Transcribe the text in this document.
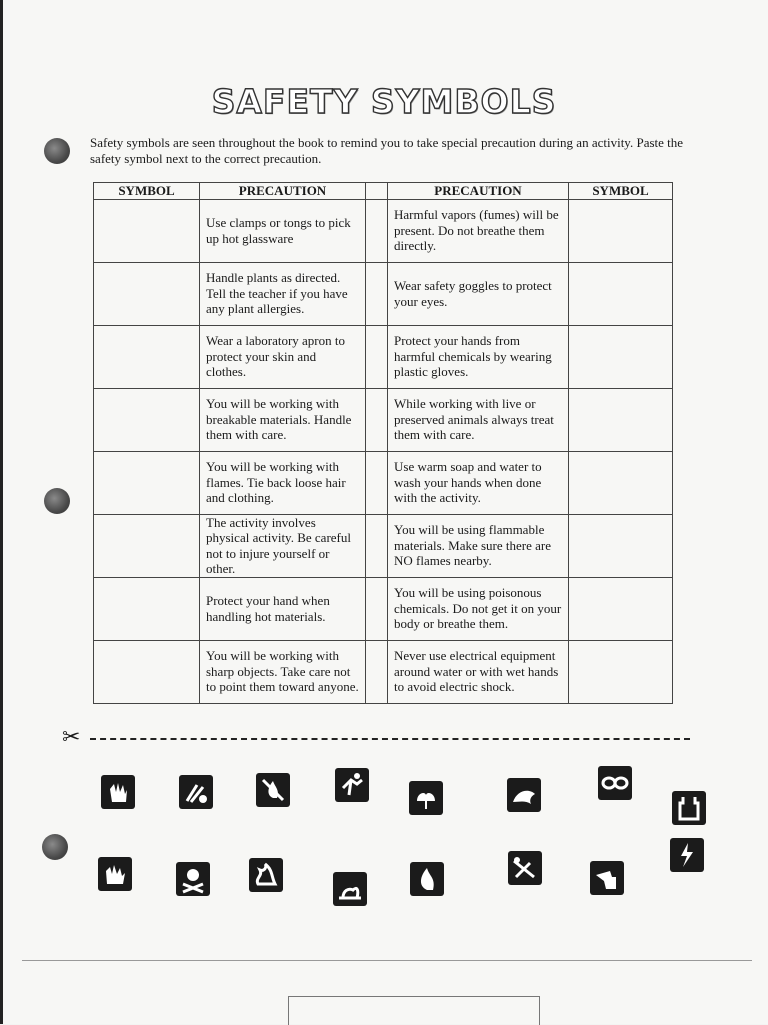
SAFETY SYMBOLS
Safety symbols are seen throughout the book to remind you to take special precaution during an activity. Paste the safety symbol next to the correct precaution.
SYMBOL	PRECAUTION		PRECAUTION	SYMBOL
	Use clamps or tongs to pick up hot glassware		Harmful vapors (fumes) will be present. Do not breathe them directly.	
	Handle plants as directed. Tell the teacher if you have any plant allergies.		Wear safety goggles to protect your eyes.	
	Wear a laboratory apron to protect your skin and clothes.		Protect your hands from harmful chemicals by wearing plastic gloves.	
	You will be working with breakable materials. Handle them with care.		While working with live or preserved animals always treat them with care.	
	You will be working with flames. Tie back loose hair and clothing.		Use warm soap and water to wash your hands when done with the activity.	
	The activity involves physical activity. Be careful not to injure yourself or other.		You will be using flammable materials. Make sure there are NO flames nearby.	
	Protect your hand when handling hot materials.		You will be using poisonous chemicals. Do not get it on your body or breathe them.	
	You will be working with sharp objects. Take care not to point them toward anyone.		Never use electrical equipment around water or with wet hands to avoid electric shock.	
✂
